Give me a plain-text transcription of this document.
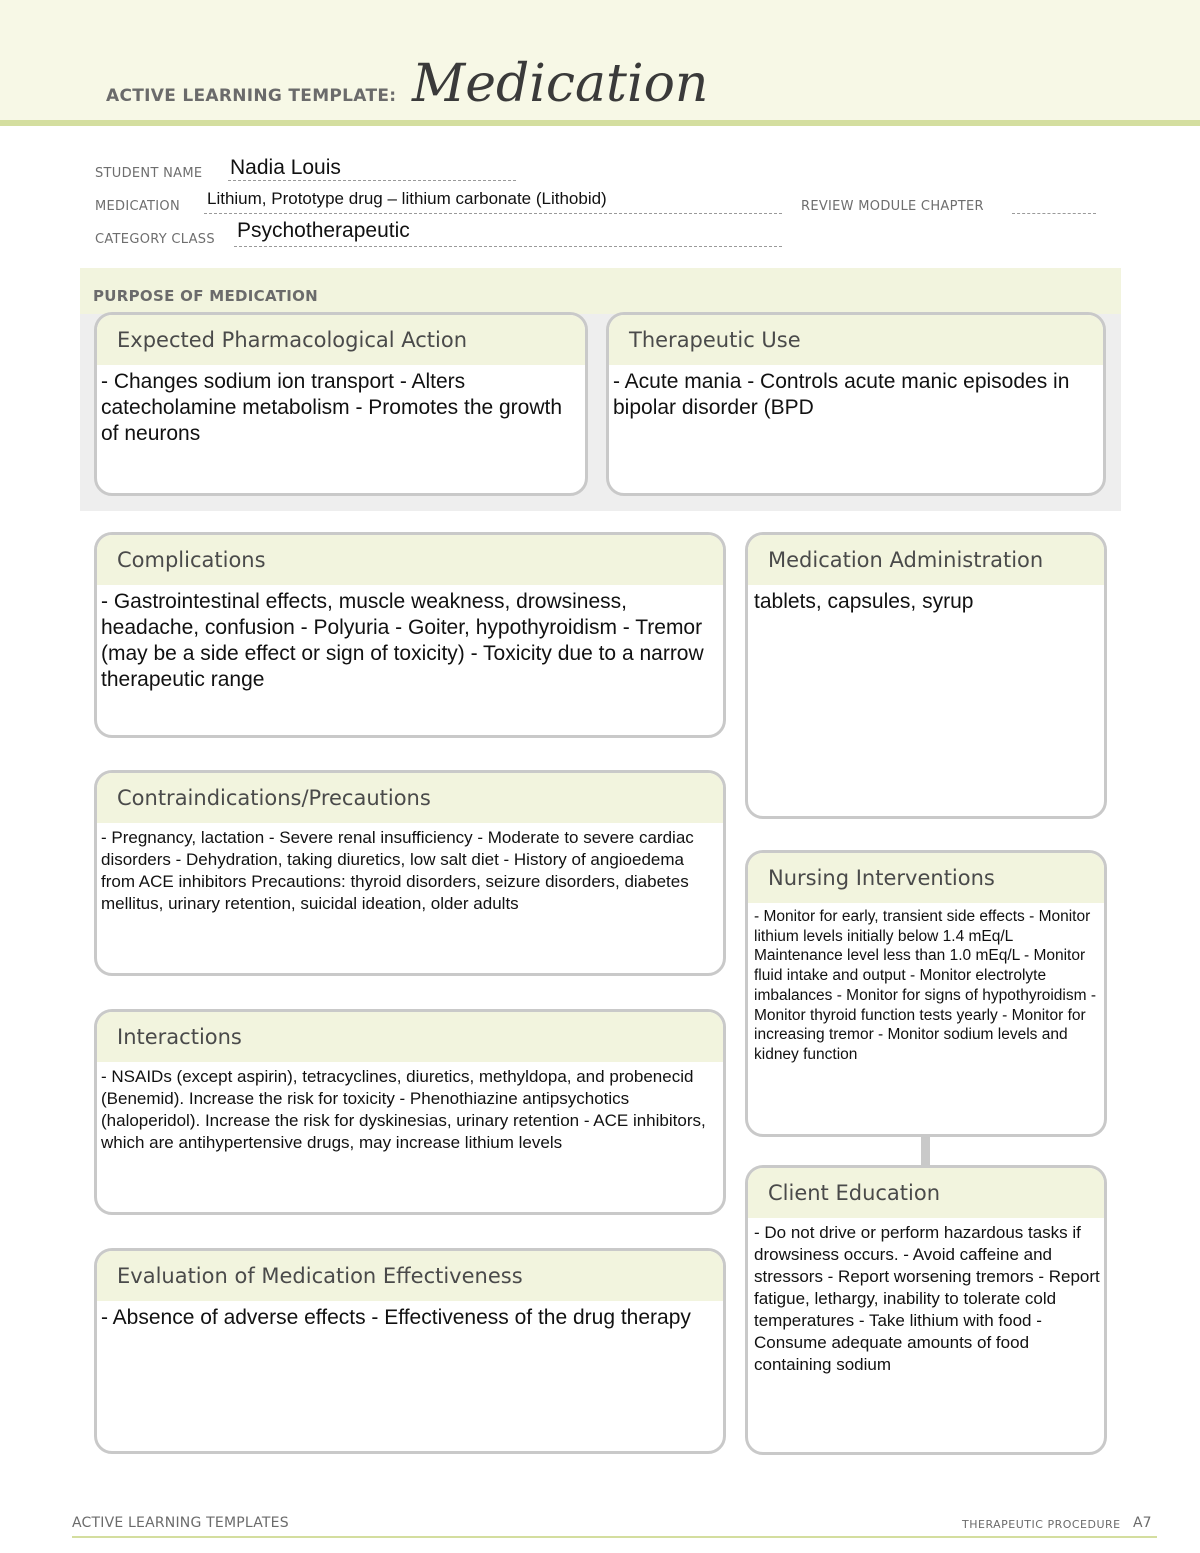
ACTIVE LEARNING TEMPLATE: Medication
STUDENT NAME Nadia Louis
MEDICATION Lithium, Prototype drug – lithium carbonate (Lithobid)	REVIEW MODULE CHAPTER
CATEGORY CLASS Psychotherapeutic
PURPOSE OF MEDICATION
Expected Pharmacological Action
- Changes sodium ion transport - Alters catecholamine metabolism - Promotes the growth of neurons
Therapeutic Use
- Acute mania - Controls acute manic episodes in bipolar disorder (BPD
Complications
- Gastrointestinal effects, muscle weakness, drowsiness, headache, confusion - Polyuria - Goiter, hypothyroidism - Tremor (may be a side effect or sign of toxicity) - Toxicity due to a narrow therapeutic range
Contraindications/Precautions
- Pregnancy, lactation - Severe renal insufficiency - Moderate to severe cardiac disorders - Dehydration, taking diuretics, low salt diet - History of angioedema from ACE inhibitors Precautions: thyroid disorders, seizure disorders, diabetes mellitus, urinary retention, suicidal ideation, older adults
Interactions
- NSAIDs (except aspirin), tetracyclines, diuretics, methyldopa, and probenecid (Benemid). Increase the risk for toxicity - Phenothiazine antipsychotics (haloperidol). Increase the risk for dyskinesias, urinary retention - ACE inhibitors, which are antihypertensive drugs, may increase lithium levels
Evaluation of Medication Effectiveness
- Absence of adverse effects - Effectiveness of the drug therapy
Medication Administration
tablets, capsules, syrup
Nursing Interventions
- Monitor for early, transient side effects - Monitor lithium levels initially below 1.4 mEq/L Maintenance level less than 1.0 mEq/L - Monitor fluid intake and output - Monitor electrolyte imbalances - Monitor for signs of hypothyroidism - Monitor thyroid function tests yearly - Monitor for increasing tremor - Monitor sodium levels and kidney function
Client Education
- Do not drive or perform hazardous tasks if drowsiness occurs. - Avoid caffeine and stressors - Report worsening tremors - Report fatigue, lethargy, inability to tolerate cold temperatures - Take lithium with food - Consume adequate amounts of food containing sodium
ACTIVE LEARNING TEMPLATES	THERAPEUTIC PROCEDURE A7
